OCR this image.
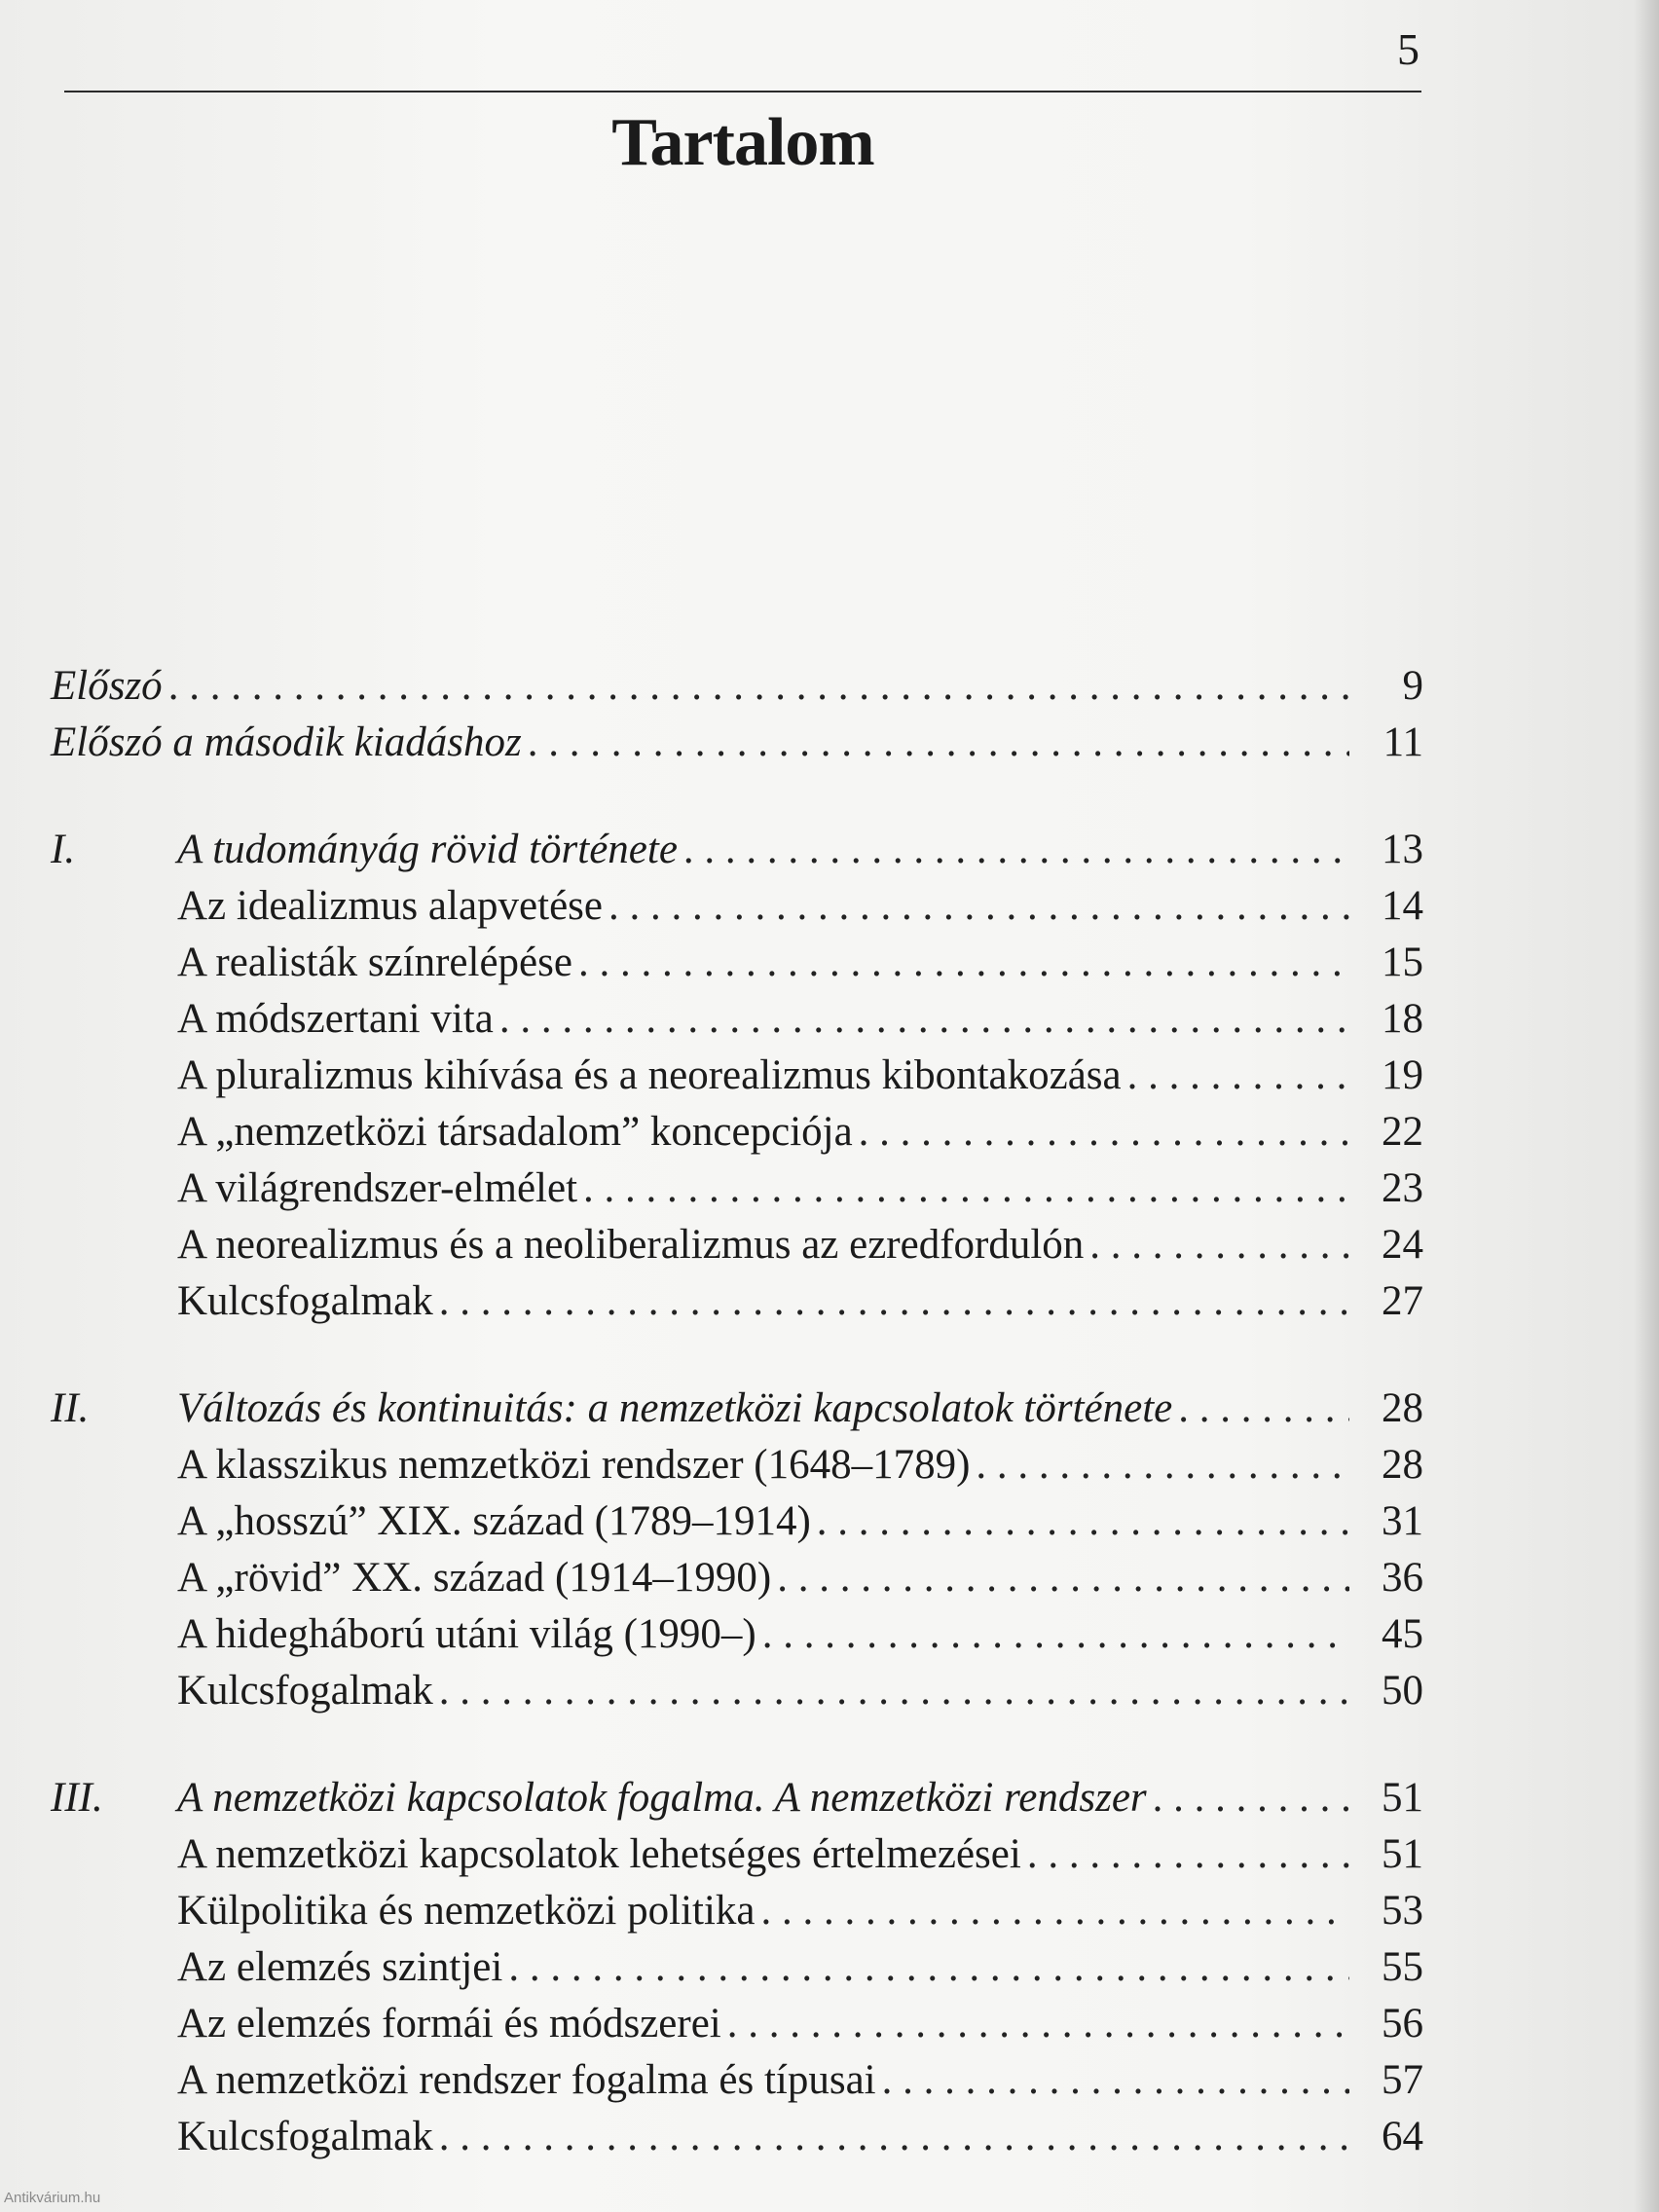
5
Tartalom
Előszó . . .	9
Előszó a második kiadáshoz . . .	11
I.	A tudományág rövid története . . .	13
Az idealizmus alapvetése . . .	14
A realisták színrelépése . . .	15
A módszertani vita . . .	18
A pluralizmus kihívása és a neorealizmus kibontakozása . . .	19
A „nemzetközi társadalom” koncepciója . . .	22
A világrendszer-elmélet . . .	23
A neorealizmus és a neoliberalizmus az ezredfordulón . . .	24
Kulcsfogalmak . . .	27
II.	Változás és kontinuitás: a nemzetközi kapcsolatok története . . .	28
A klasszikus nemzetközi rendszer (1648–1789) . . .	28
A „hosszú” XIX. század (1789–1914) . . .	31
A „rövid” XX. század (1914–1990) . . .	36
A hidegháború utáni világ (1990–) . . .	45
Kulcsfogalmak . . .	50
III.	A nemzetközi kapcsolatok fogalma. A nemzetközi rendszer . . .	51
A nemzetközi kapcsolatok lehetséges értelmezései . . .	51
Külpolitika és nemzetközi politika . . .	53
Az elemzés szintjei . . .	55
Az elemzés formái és módszerei . . .	56
A nemzetközi rendszer fogalma és típusai . . .	57
Kulcsfogalmak . . .	64
Antikvárium.hu
